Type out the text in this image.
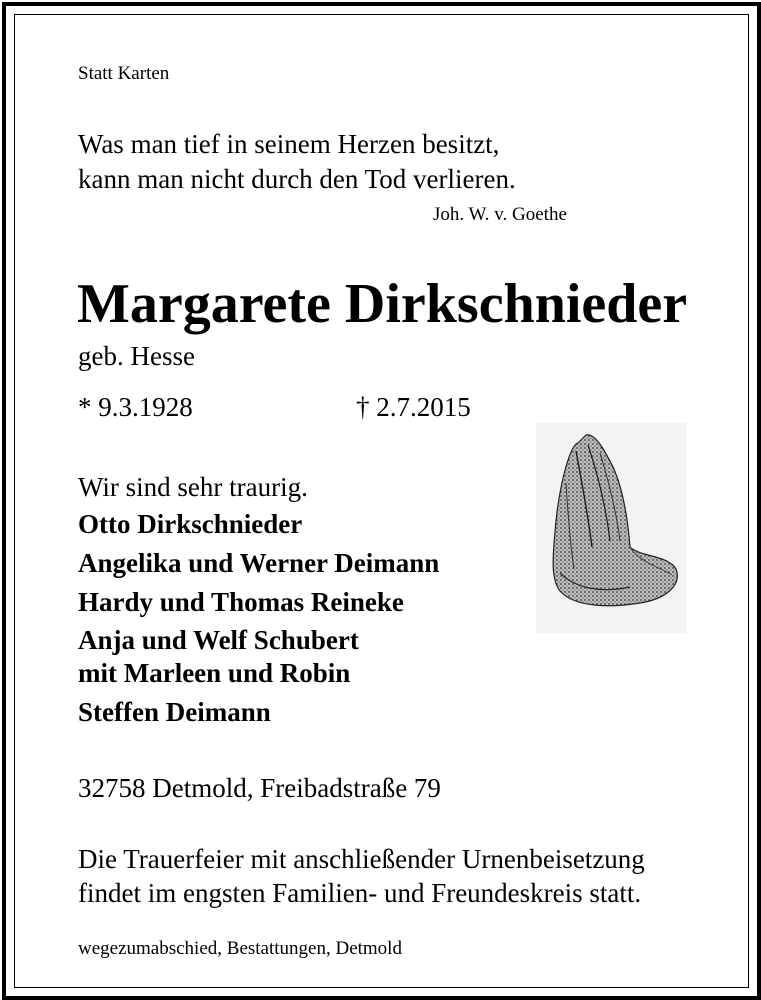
Statt Karten
Was man tief in seinem Herzen besitzt,
kann man nicht durch den Tod verlieren.
Joh. W. v. Goethe
Margarete Dirkschnieder
geb. Hesse
* 9.3.1928	† 2.7.2015
Wir sind sehr traurig.
Otto Dirkschnieder
Angelika und Werner Deimann
Hardy und Thomas Reineke
Anja und Welf Schubert
mit Marleen und Robin
Steffen Deimann
32758 Detmold, Freibadstraße 79
Die Trauerfeier mit anschließender Urnenbeisetzung
findet im engsten Familien- und Freundeskreis statt.
wegezumabschied, Bestattungen, Detmold
